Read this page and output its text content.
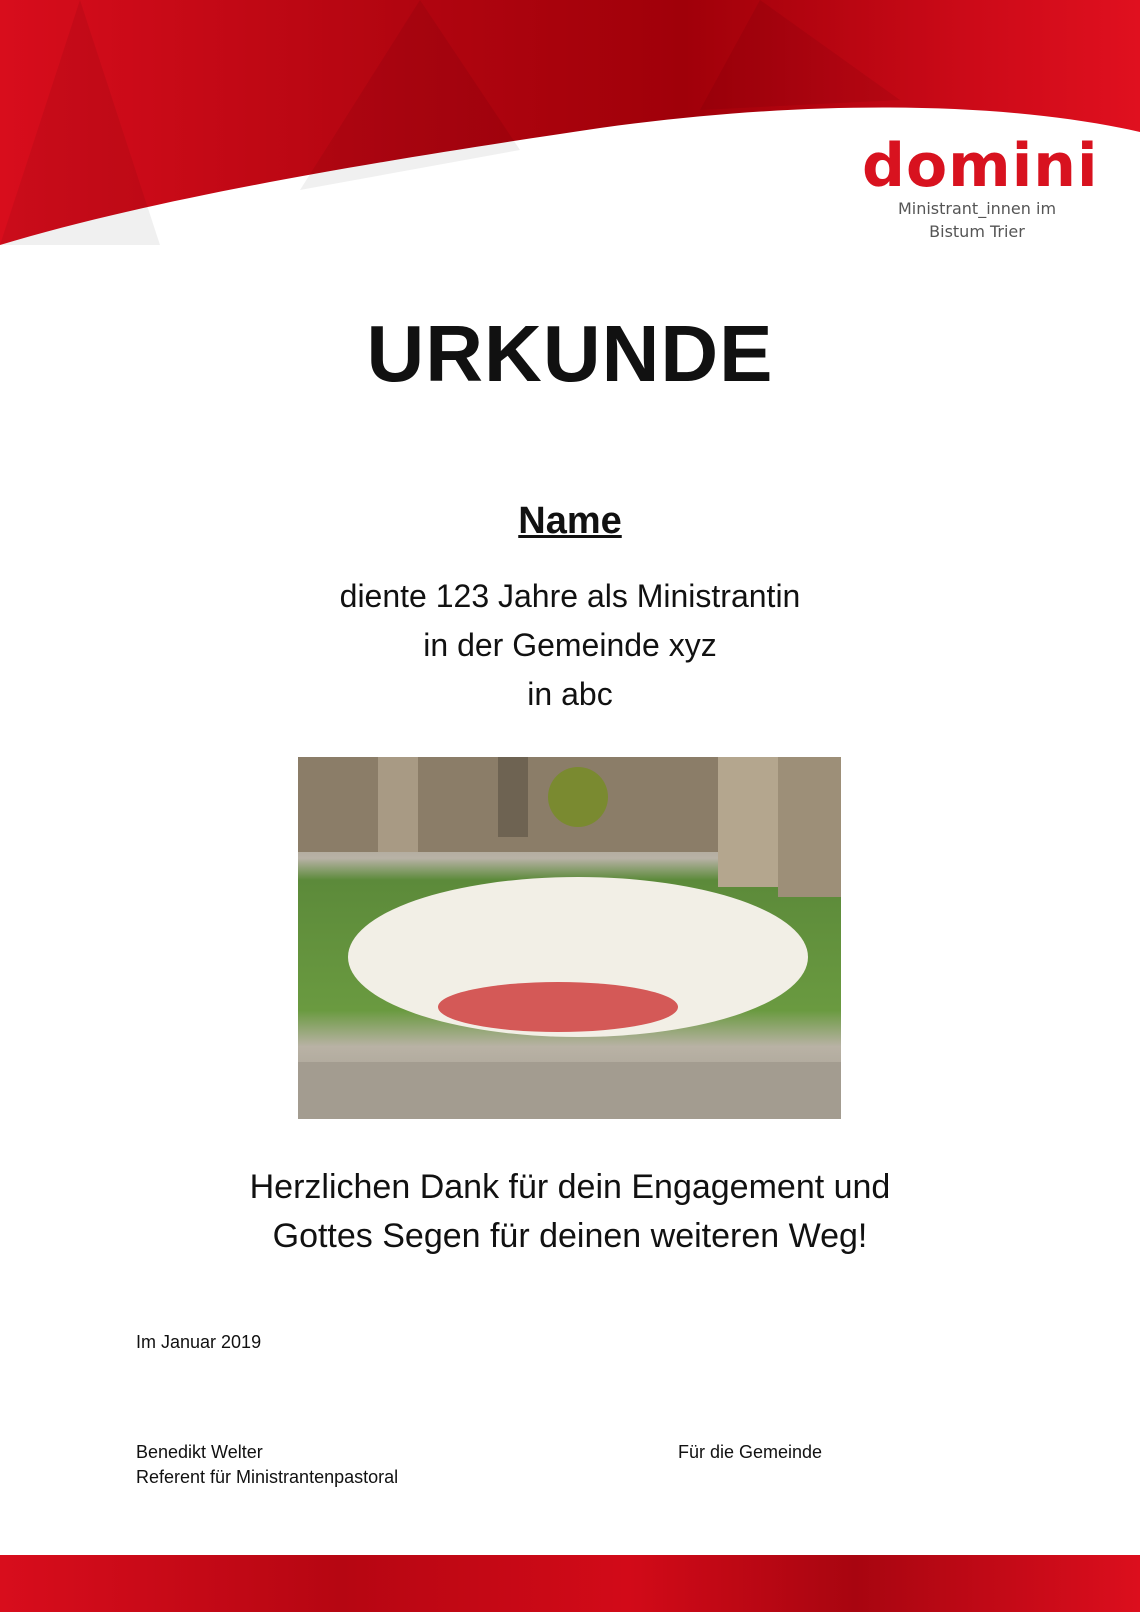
domini
Ministrant_innen im
Bistum Trier
URKUNDE
Name
diente 123 Jahre als Ministrantin
in der Gemeinde xyz
in abc
Herzlichen Dank für dein Engagement und
Gottes Segen für deinen weiteren Weg!
Im Januar 2019
Benedikt Welter
Referent für Ministrantenpastoral
Für die Gemeinde
